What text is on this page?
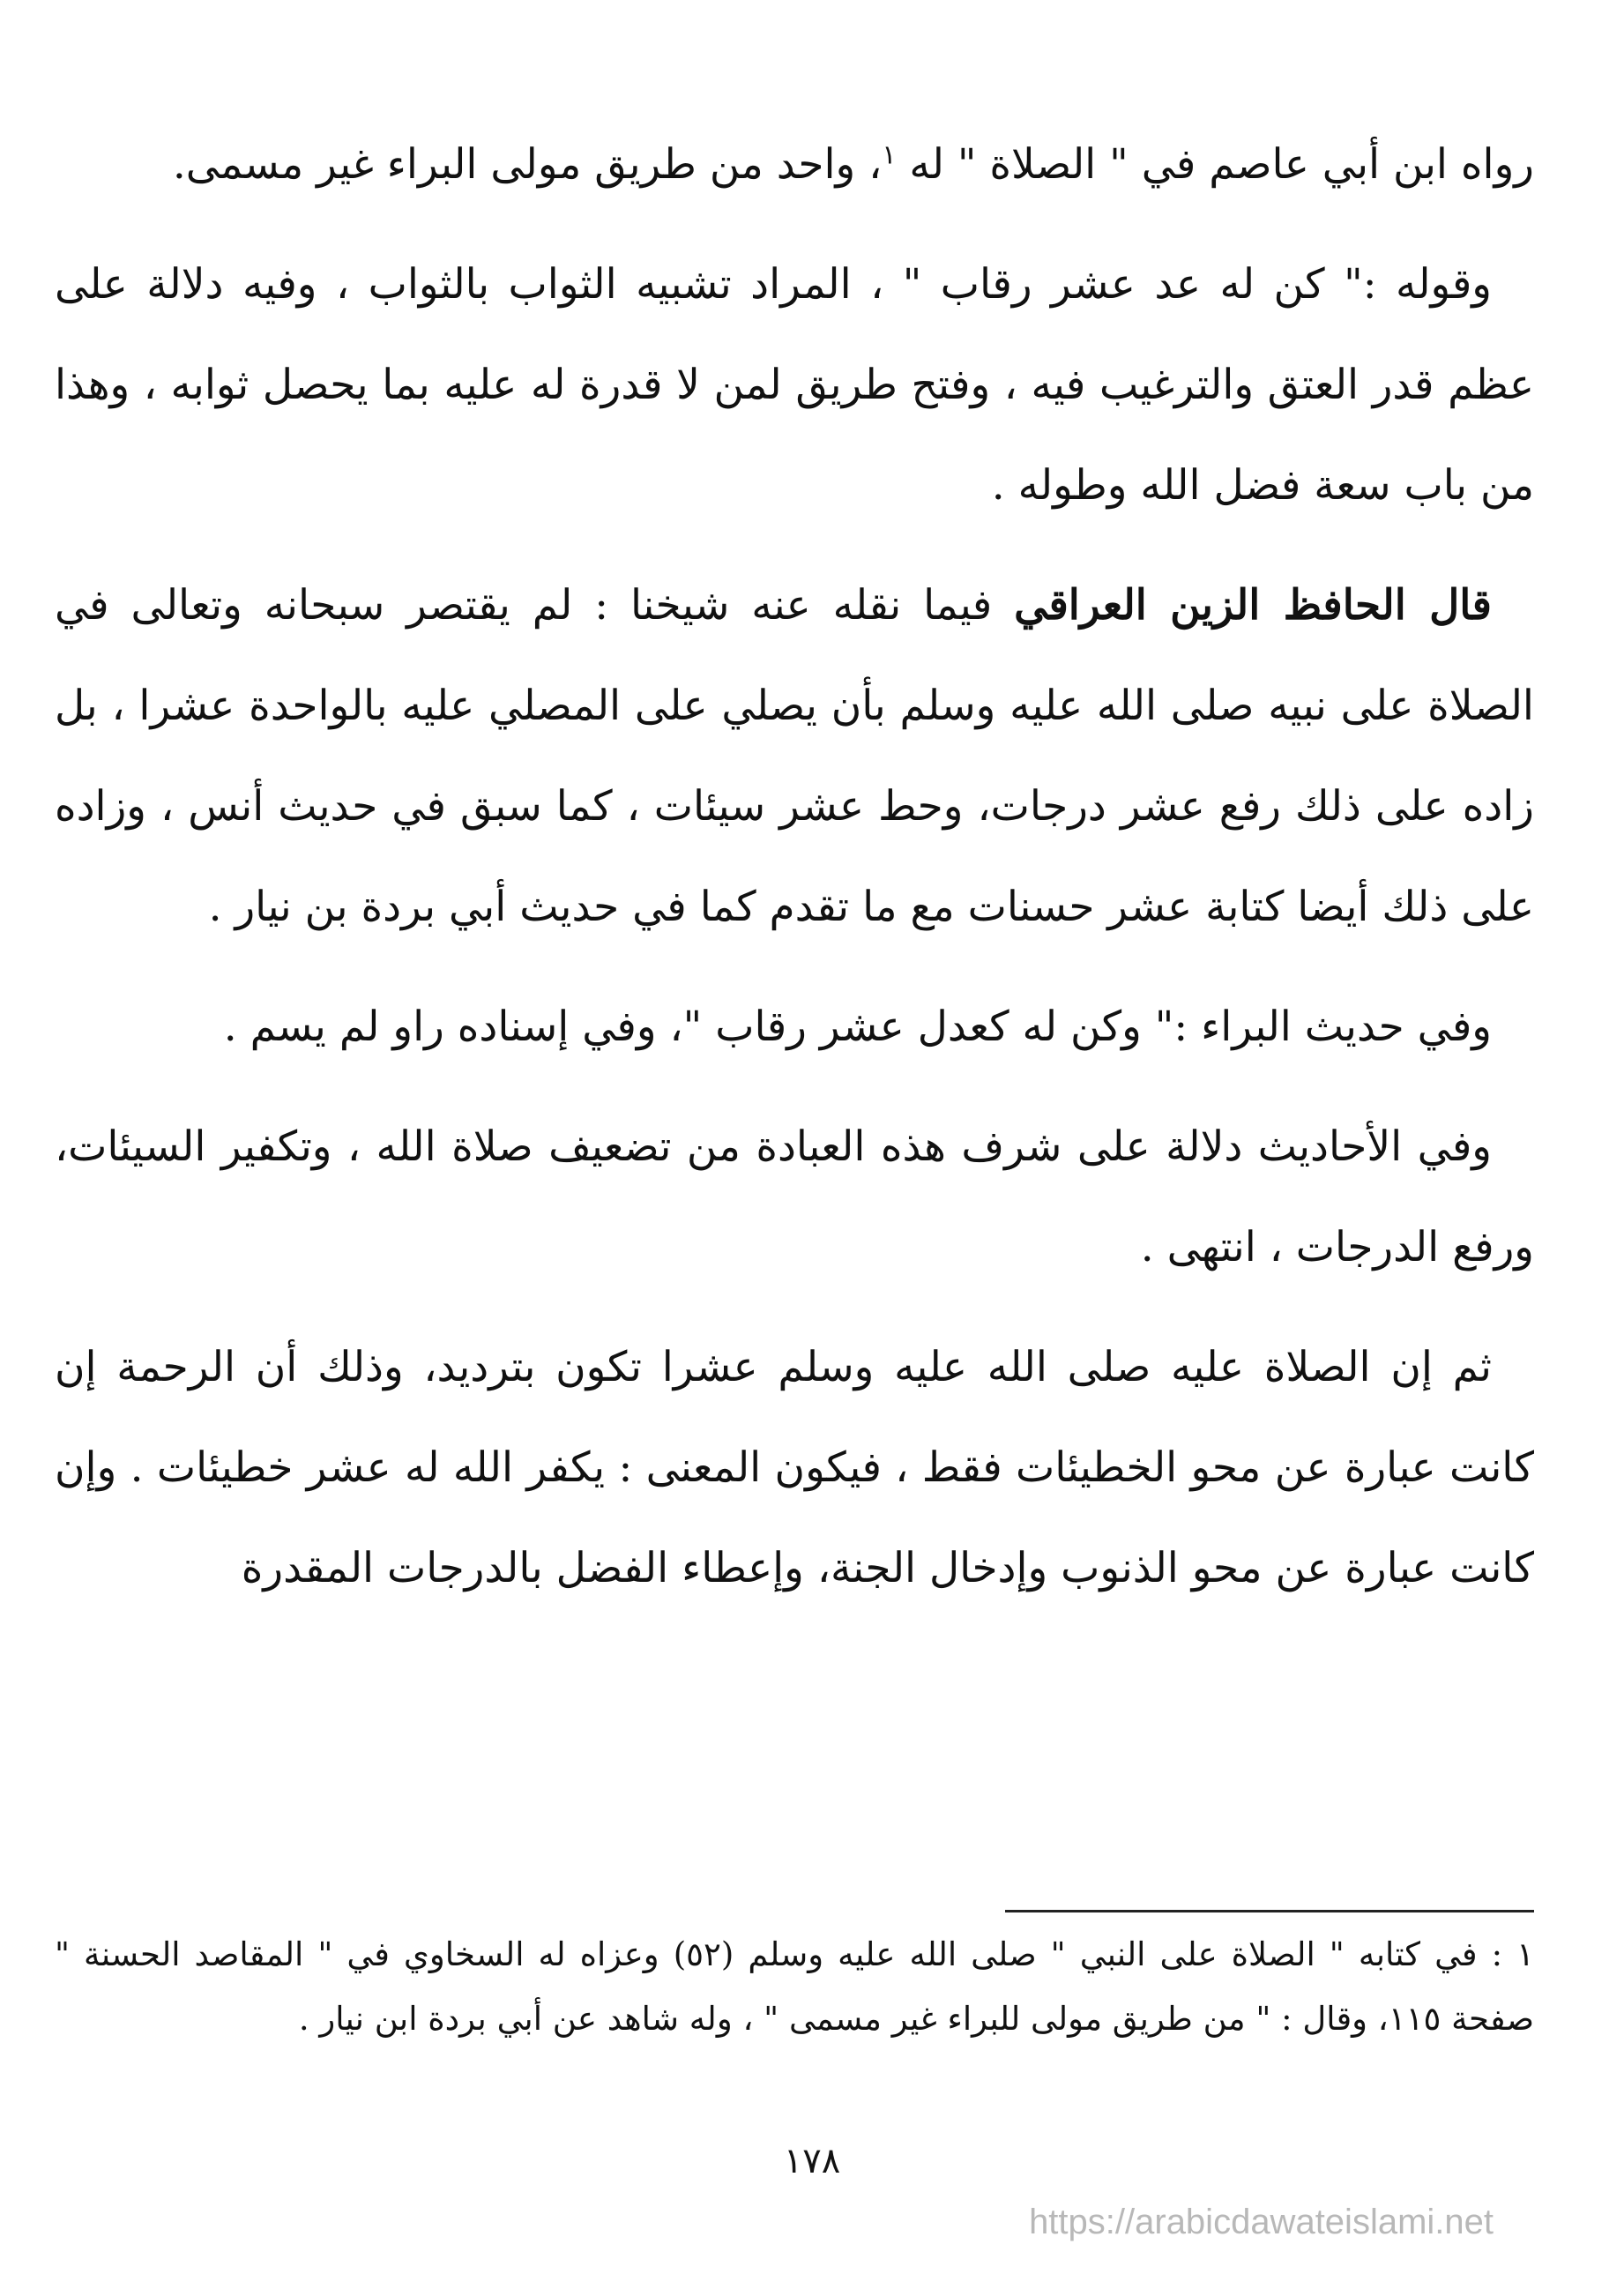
رواه ابن أبي عاصم في " الصلاة " له $^١$، واحد من طريق مولى البراء غير مسمى.

وقوله :" كن له عد عشر رقاب " ، المراد تشبيه الثواب بالثواب ، وفيه دلالة على عظم قدر العتق والترغيب فيه ، وفتح طريق لمن لا قدرة له عليه بما يحصل ثوابه ، وهذا من باب سعة فضل الله وطوله .

قال الحافظ الزين العراقي فيما نقله عنه شيخنا : لم يقتصر سبحانه وتعالى في الصلاة على نبيه صلى الله عليه وسلم بأن يصلي على المصلي عليه بالواحدة عشرا ، بل زاده على ذلك رفع عشر درجات، وحط عشر سيئات ، كما سبق في حديث أنس ، وزاده على ذلك أيضا كتابة عشر حسنات مع ما تقدم كما في حديث أبي بردة بن نيار .

وفي حديث البراء :" وكن له كعدل عشر رقاب "، وفي إسناده راو لم يسم .

وفي الأحاديث دلالة على شرف هذه العبادة من تضعيف صلاة الله ، وتكفير السيئات، ورفع الدرجات ، انتهى .

ثم إن الصلاة عليه صلى الله عليه وسلم عشرا تكون بترديد، وذلك أن الرحمة إن كانت عبارة عن محو الخطيئات فقط ، فيكون المعنى : يكفر الله له عشر خطيئات . وإن كانت عبارة عن محو الذنوب وإدخال الجنة، وإعطاء الفضل بالدرجات المقدرة

١ : في كتابه " الصلاة على النبي " صلى الله عليه وسلم (٥٢) وعزاه له السخاوي في " المقاصد الحسنة " صفحة ١١٥، وقال : " من طريق مولى للبراء غير مسمى " ، وله شاهد عن أبي بردة ابن نيار .

١٧٨
https://arabicdawateislami.net
